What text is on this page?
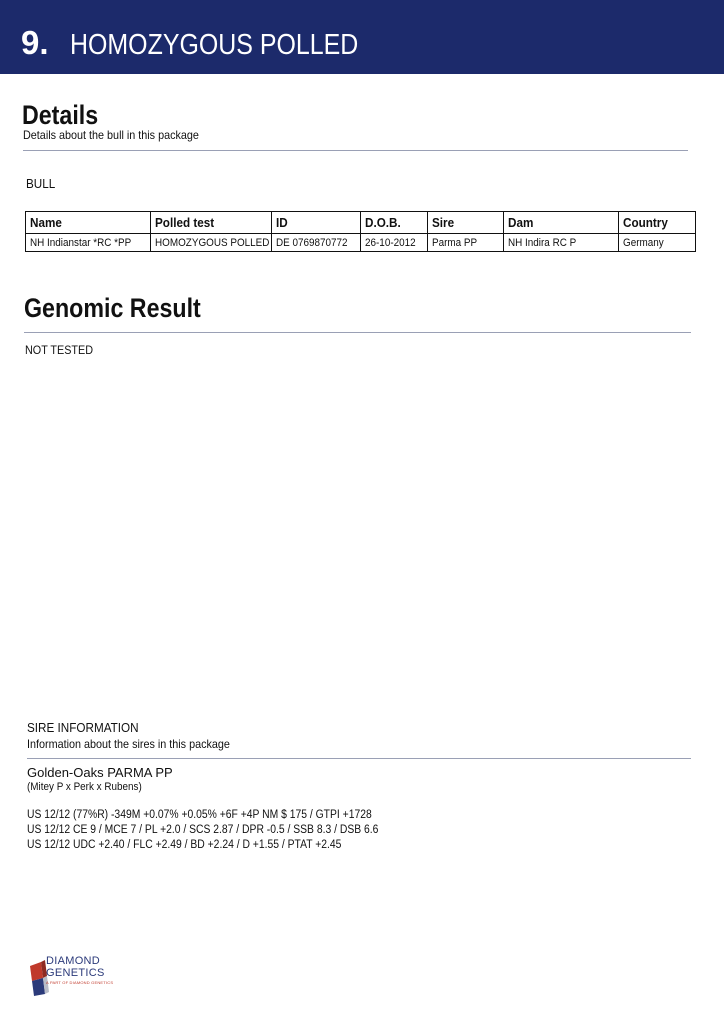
9. HOMOZYGOUS POLLED
Details
Details about the bull in this package
BULL
Name	Polled test	ID	D.O.B.	Sire	Dam	Country
NH Indianstar *RC *PP	HOMOZYGOUS POLLED	DE 0769870772	26-10-2012	Parma PP	NH Indira RC P	Germany
Genomic Result
NOT TESTED
SIRE INFORMATION
Information about the sires in this package
Golden-Oaks PARMA PP
(Mitey P x Perk x Rubens)
US 12/12 (77%R) -349M +0.07% +0.05% +6F +4P NM $ 175 / GTPI +1728
US 12/12 CE 9 / MCE 7 / PL +2.0 / SCS 2.87 / DPR -0.5 / SSB 8.3 / DSB 6.6
US 12/12 UDC +2.40 / FLC +2.49 / BD +2.24 / D +1.55 / PTAT +2.45
DIAMOND
GENETICS
A PART OF DIAMOND GENETICS
